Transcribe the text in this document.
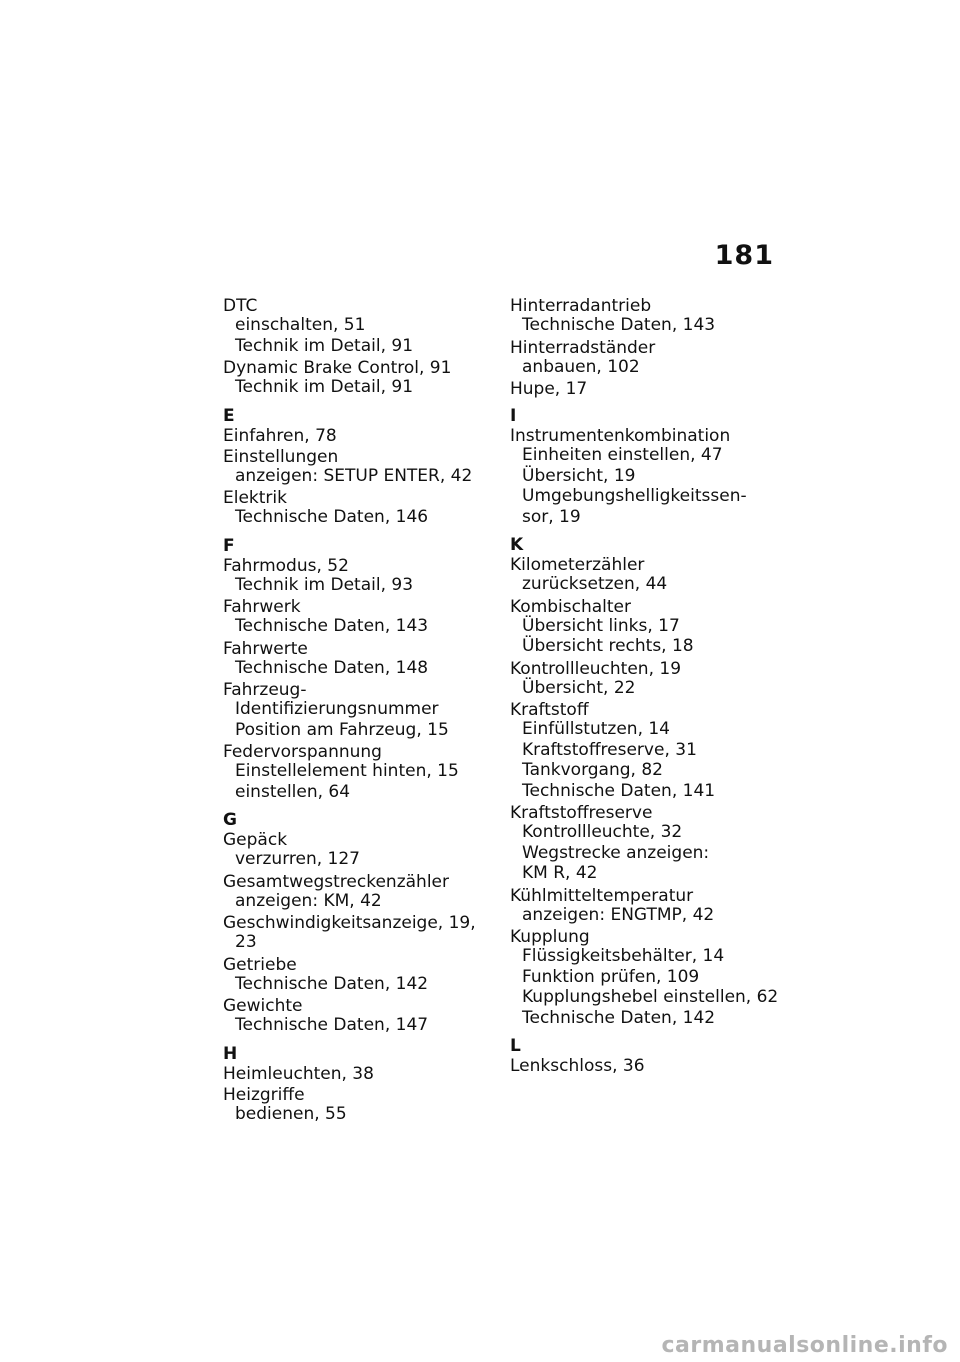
181
DTC
einschalten, 51
Technik im Detail, 91
Dynamic Brake Control, 91
Technik im Detail, 91
E
Einfahren, 78
Einstellungen
anzeigen: SETUP ENTER, 42
Elektrik
Technische Daten, 146
F
Fahrmodus, 52
Technik im Detail, 93
Fahrwerk
Technische Daten, 143
Fahrwerte
Technische Daten, 148
Fahrzeug-
Identifizierungsnummer
Position am Fahrzeug, 15
Federvorspannung
Einstellelement hinten, 15
einstellen, 64
G
Gepäck
verzurren, 127
Gesamtwegstreckenzähler
anzeigen: KM, 42
Geschwindigkeitsanzeige, 19,
23
Getriebe
Technische Daten, 142
Gewichte
Technische Daten, 147
H
Heimleuchten, 38
Heizgriffe
bedienen, 55
Hinterradantrieb
Technische Daten, 143
Hinterradständer
anbauen, 102
Hupe, 17
I
Instrumentenkombination
Einheiten einstellen, 47
Übersicht, 19
Umgebungshelligkeitssen-
sor, 19
K
Kilometerzähler
zurücksetzen, 44
Kombischalter
Übersicht links, 17
Übersicht rechts, 18
Kontrollleuchten, 19
Übersicht, 22
Kraftstoff
Einfüllstutzen, 14
Kraftstoffreserve, 31
Tankvorgang, 82
Technische Daten, 141
Kraftstoffreserve
Kontrollleuchte, 32
Wegstrecke anzeigen:
KM R, 42
Kühlmitteltemperatur
anzeigen: ENGTMP, 42
Kupplung
Flüssigkeitsbehälter, 14
Funktion prüfen, 109
Kupplungshebel einstellen, 62
Technische Daten, 142
L
Lenkschloss, 36
carmanualsonline.info
